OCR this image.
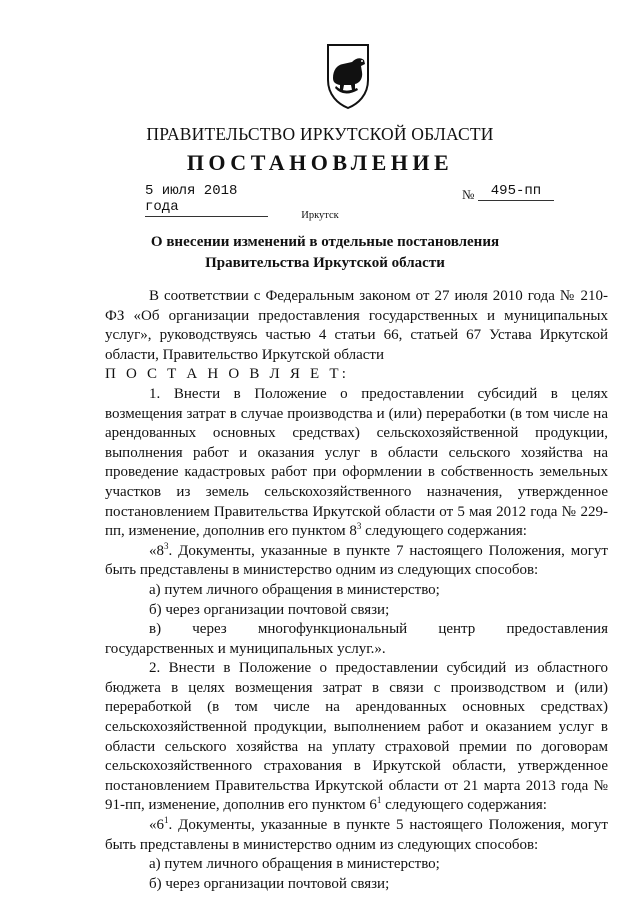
ПРАВИТЕЛЬСТВО ИРКУТСКОЙ ОБЛАСТИ
ПОСТАНОВЛЕНИЕ
5 июля 2018 года
№	495-пп
Иркутск
О внесении изменений в отдельные постановления Правительства Иркутской области

В соответствии с Федеральным законом от 27 июля 2010 года № 210-ФЗ «Об организации предоставления государственных и муниципальных услуг», руководствуясь частью 4 статьи 66, статьей 67 Устава Иркутской области, Правительство Иркутской области

П О С Т А Н О В Л Я Е Т:

1. Внести в Положение о предоставлении субсидий в целях возмещения затрат в случае производства и (или) переработки (в том числе на арендованных основных средствах) сельскохозяйственной продукции, выполнения работ и оказания услуг в области сельского хозяйства на проведение кадастровых работ при оформлении в собственность земельных участков из земель сельскохозяйственного назначения, утвержденное постановлением Правительства Иркутской области от 5 мая 2012 года № 229-пп, изменение, дополнив его пунктом $8^3$ следующего содержания:

«$8^3$. Документы, указанные в пункте 7 настоящего Положения, могут быть представлены в министерство одним из следующих способов:

а) путем личного обращения в министерство;

б) через организации почтовой связи;

в) через многофункциональный центр предоставления государственных и муниципальных услуг.».

2. Внести в Положение о предоставлении субсидий из областного бюджета в целях возмещения затрат в связи с производством и (или) переработкой (в том числе на арендованных основных средствах) сельскохозяйственной продукции, выполнением работ и оказанием услуг в области сельского хозяйства на уплату страховой премии по договорам сельскохозяйственного страхования в Иркутской области, утвержденное постановлением Правительства Иркутской области от 21 марта 2013 года № 91-пп, изменение, дополнив его пунктом $6^1$ следующего содержания:

«$6^1$. Документы, указанные в пункте 5 настоящего Положения, могут быть представлены в министерство одним из следующих способов:

а) путем личного обращения в министерство;

б) через организации почтовой связи;
